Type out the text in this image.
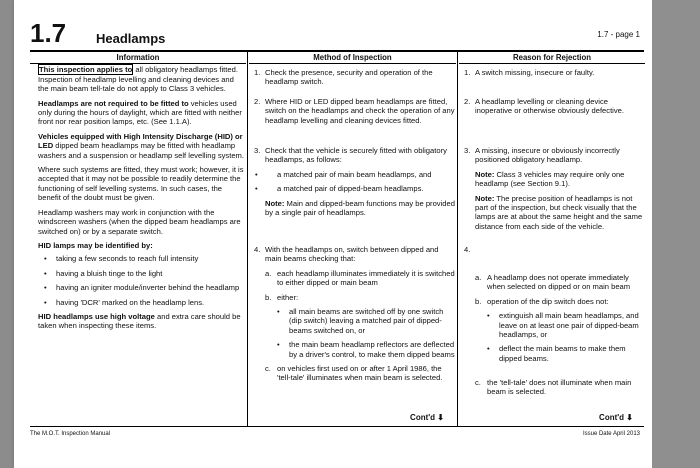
1.7 Headlamps	1.7 - page 1
Information

This inspection applies to all obligatory headlamps fitted. Inspection of headlamp levelling and cleaning devices and the main beam tell-tale do not apply to Class 3 vehicles.

Headlamps are not required to be fitted to vehicles used only during the hours of daylight, which are fitted with neither front nor rear position lamps, etc. (See 1.1.A).

Vehicles equipped with High Intensity Discharge (HID) or LED dipped beam headlamps may be fitted with headlamp washers and a suspension or headlamp self levelling system.

Where such systems are fitted, they must work; however, it is accepted that it may not be possible to readily determine the functioning of self levelling systems. In such cases, the benefit of the doubt must be given.

Headlamp washers may work in conjunction with the windscreen washers (when the dipped beam headlamps are switched on) or by a separate switch.

HID lamps may be identified by:

• taking a few seconds to reach full intensity
• having a bluish tinge to the light
• having an igniter module/inverter behind the headlamp
• having 'DCR' marked on the headlamp lens.

HID headlamps use high voltage and extra care should be taken when inspecting these items.

Method of Inspection
1. Check the presence, security and operation of the headlamp switch.
2. Where HID or LED dipped beam headlamps are fitted, switch on the headlamps and check the operation of any headlamp levelling and cleaning devices fitted.
3. Check that the vehicle is securely fitted with obligatory headlamps, as follows:
• a matched pair of main beam headlamps, and
• a matched pair of dipped-beam headlamps.
Note: Main and dipped-beam functions may be provided by a single pair of headlamps.
4. With the headlamps on, switch between dipped and main beams checking that:
a. each headlamp illuminates immediately it is switched to either dipped or main beam
b. either:
• all main beams are switched off by one switch (dip switch) leaving a matched pair of dipped-beams switched on, or
• the main beam headlamp reflectors are deflected by a driver's control, to make them dipped beams
c. on vehicles first used on or after 1 April 1986, the 'tell-tale' illuminates when main beam is selected.
Cont'd ⬇
Reason for Rejection
1. A switch missing, insecure or faulty.
2. A headlamp levelling or cleaning device inoperative or otherwise obviously defective.
3. A missing, insecure or obviously incorrectly positioned obligatory headlamp.
Note: Class 3 vehicles may require only one headlamp (see Section 9.1).
Note: The precise position of headlamps is not part of the inspection, but check visually that the lamps are at about the same height and the same distance from each side of the vehicle.
4.
a. A headlamp does not operate immediately when selected on dipped or on main beam
b. operation of the dip switch does not:
• extinguish all main beam headlamps, and leave on at least one pair of dipped-beam headlamps, or
• deflect the main beams to make them dipped beams.
c. the 'tell-tale' does not illuminate when main beam is selected.
Cont'd ⬇
The M.O.T. Inspection Manual	Issue Date April 2013
